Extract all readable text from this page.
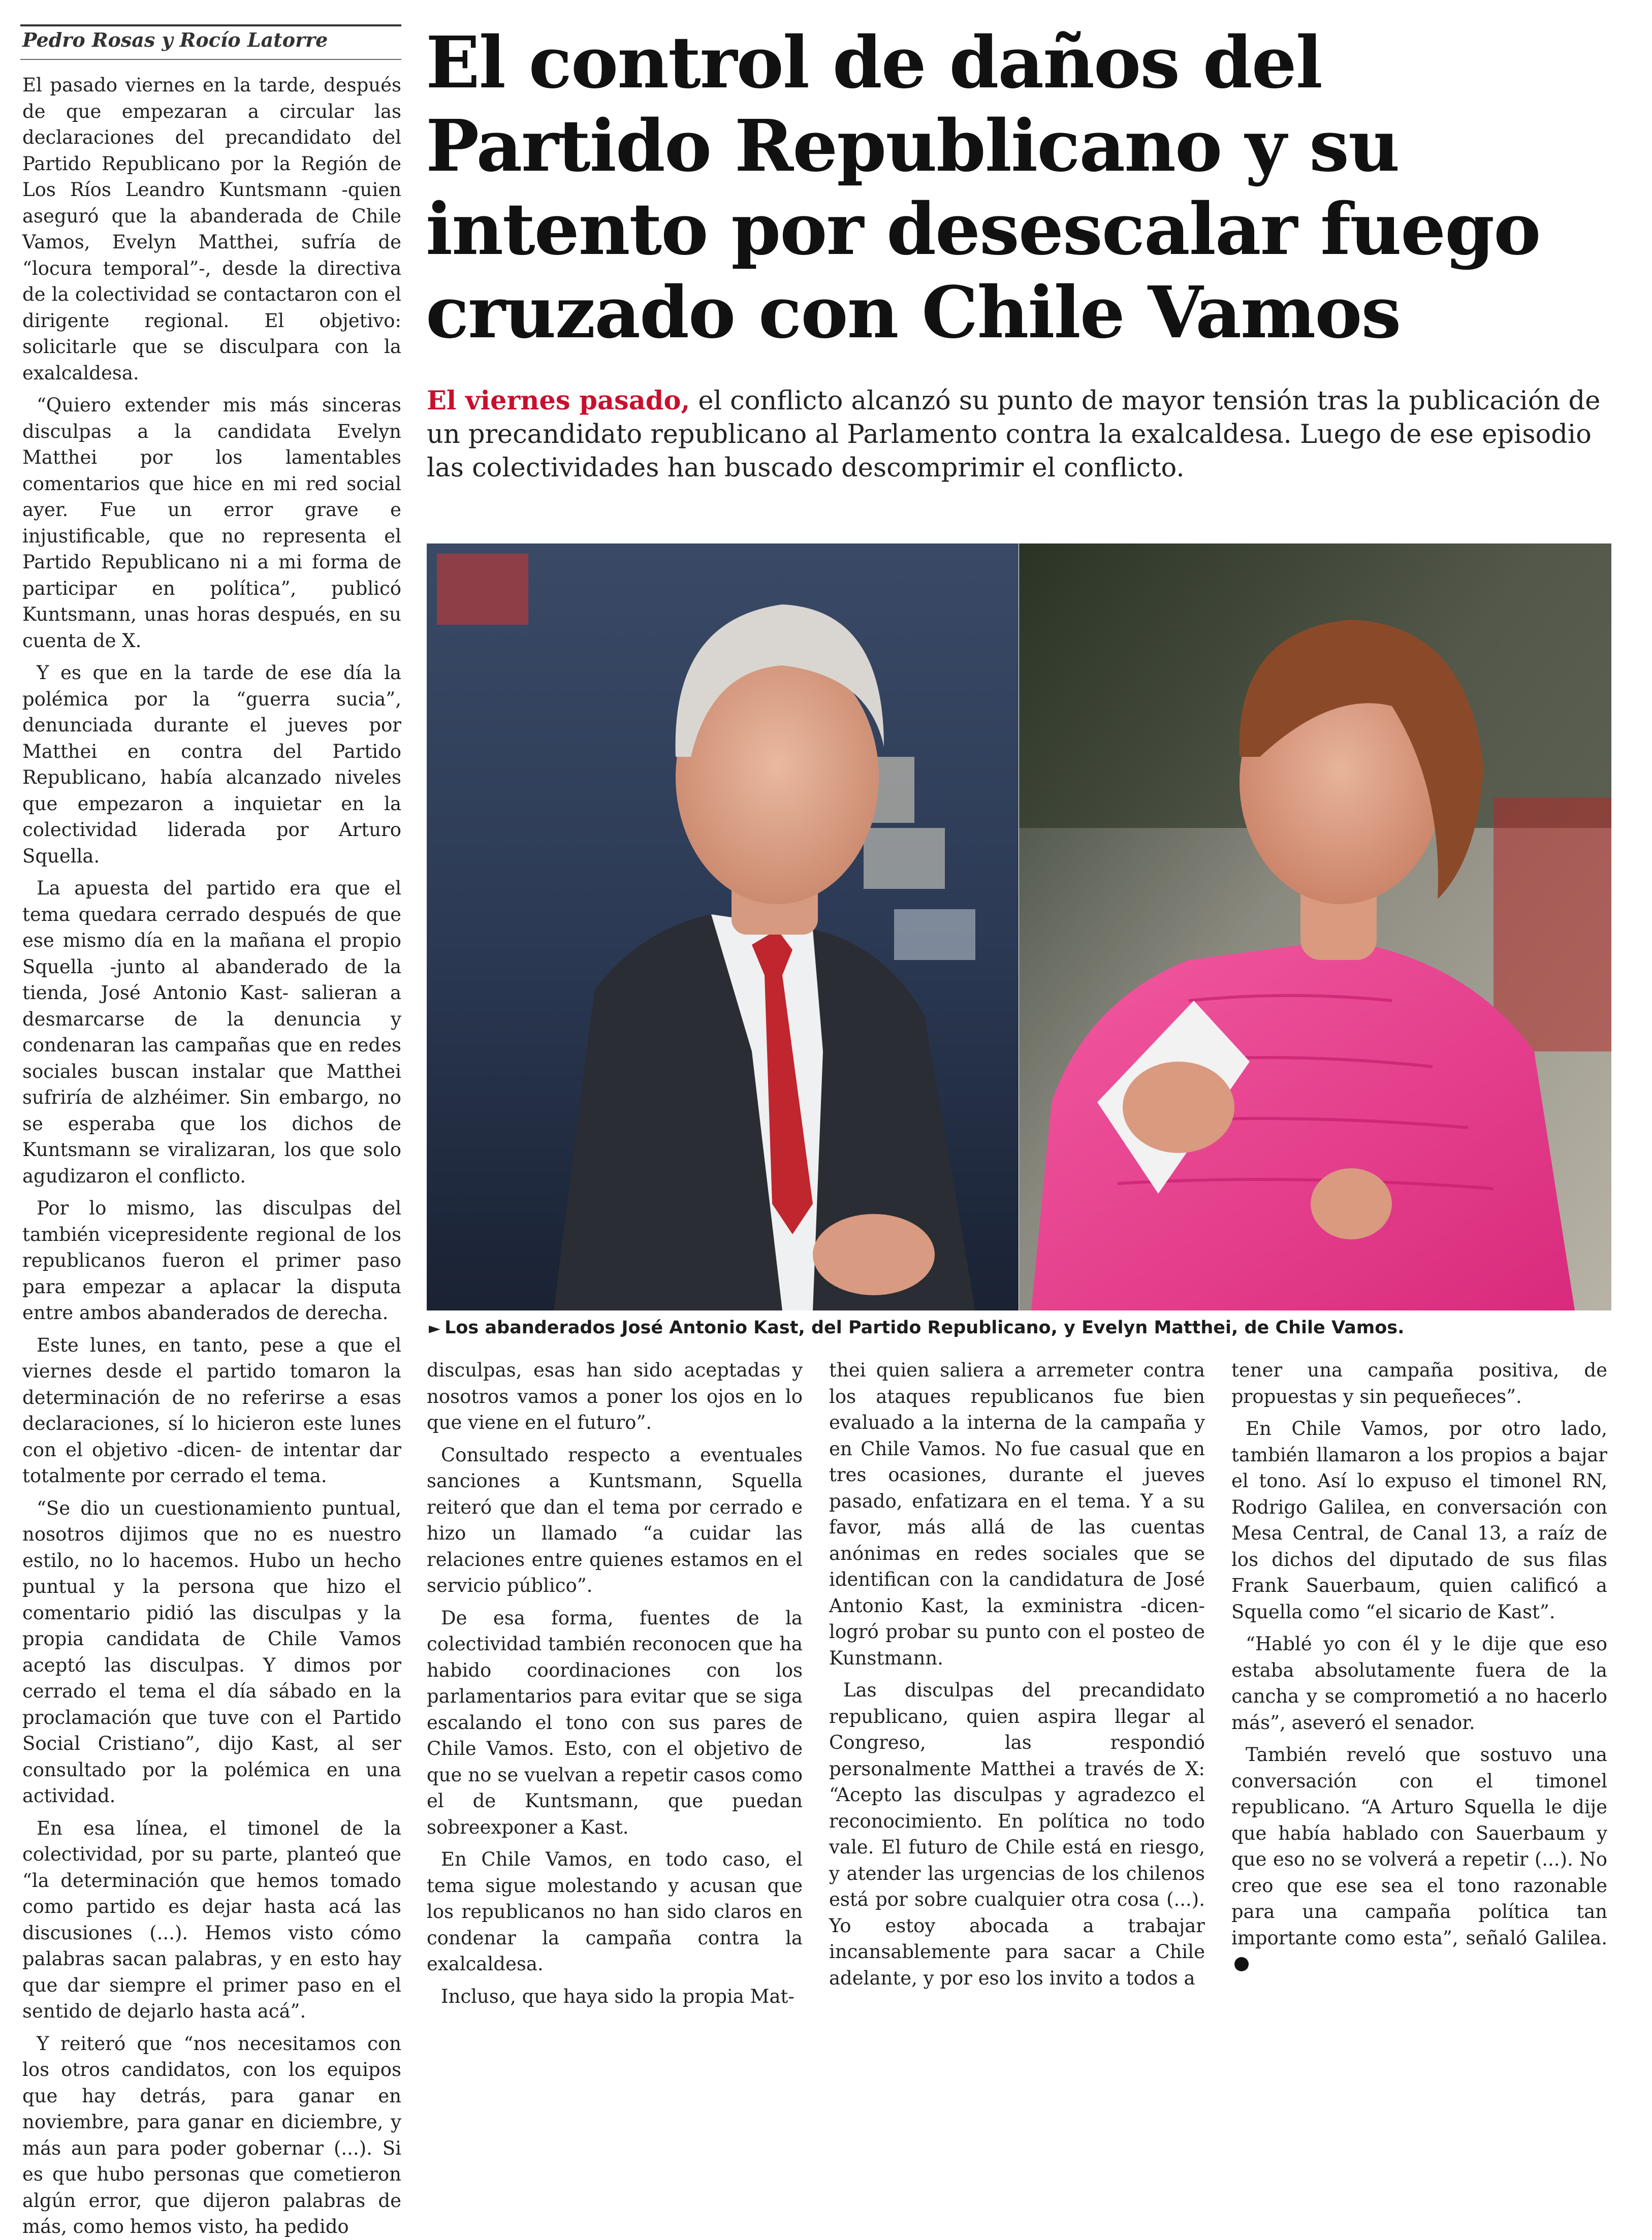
Pedro Rosas y Rocío Latorre

El pasado viernes en la tarde, después de que empezaran a circular las declaraciones del precandidato del Partido Republicano por la Región de Los Ríos Leandro Kuntsmann -quien aseguró que la abanderada de Chile Vamos, Evelyn Matthei, sufría de “locura temporal”-, desde la directiva de la colectividad se contactaron con el dirigente regional. El objetivo: solicitarle que se disculpara con la exalcaldesa.

“Quiero extender mis más sinceras disculpas a la candidata Evelyn Matthei por los lamentables comentarios que hice en mi red social ayer. Fue un error grave e injustificable, que no representa el Partido Republicano ni a mi forma de participar en política”, publicó Kuntsmann, unas horas después, en su cuenta de X.

Y es que en la tarde de ese día la polémica por la “guerra sucia”, denunciada durante el jueves por Matthei en contra del Partido Republicano, había alcanzado niveles que empezaron a inquietar en la colectividad liderada por Arturo Squella.

La apuesta del partido era que el tema quedara cerrado después de que ese mismo día en la mañana el propio Squella -junto al abanderado de la tienda, José Antonio Kast- salieran a desmarcarse de la denuncia y condenaran las campañas que en redes sociales buscan instalar que Matthei sufriría de alzhéimer. Sin embargo, no se esperaba que los dichos de Kuntsmann se viralizaran, los que solo agudizaron el conflicto.

Por lo mismo, las disculpas del también vicepresidente regional de los republicanos fueron el primer paso para empezar a aplacar la disputa entre ambos abanderados de derecha.

Este lunes, en tanto, pese a que el viernes desde el partido tomaron la determinación de no referirse a esas declaraciones, sí lo hicieron este lunes con el objetivo -dicen- de intentar dar totalmente por cerrado el tema.

“Se dio un cuestionamiento puntual, nosotros dijimos que no es nuestro estilo, no lo hacemos. Hubo un hecho puntual y la persona que hizo el comentario pidió las disculpas y la propia candidata de Chile Vamos aceptó las disculpas. Y dimos por cerrado el tema el día sábado en la proclamación que tuve con el Partido Social Cristiano”, dijo Kast, al ser consultado por la polémica en una actividad.

En esa línea, el timonel de la colectividad, por su parte, planteó que “la determinación que hemos tomado como partido es dejar hasta acá las discusiones (...). Hemos visto cómo palabras sacan palabras, y en esto hay que dar siempre el primer paso en el sentido de dejarlo hasta acá”.

Y reiteró que “nos necesitamos con los otros candidatos, con los equipos que hay detrás, para ganar en noviembre, para ganar en diciembre, y más aun para poder gobernar (...). Si es que hubo personas que cometieron algún error, que dijeron palabras de más, como hemos visto, ha pedido

El control de daños del Partido Republicano y su intento por desescalar fuego cruzado con Chile Vamos
El viernes pasado, el conflicto alcanzó su punto de mayor tensión tras la publicación de un precandidato republicano al Parlamento contra la exalcaldesa. Luego de ese episodio las colectividades han buscado descomprimir el conflicto.
► Los abanderados José Antonio Kast, del Partido Republicano, y Evelyn Matthei, de Chile Vamos.

disculpas, esas han sido aceptadas y nosotros vamos a poner los ojos en lo que viene en el futuro”.

Consultado respecto a eventuales sanciones a Kuntsmann, Squella reiteró que dan el tema por cerrado e hizo un llamado “a cuidar las relaciones entre quienes estamos en el servicio público”.

De esa forma, fuentes de la colectividad también reconocen que ha habido coordinaciones con los parlamentarios para evitar que se siga escalando el tono con sus pares de Chile Vamos. Esto, con el objetivo de que no se vuelvan a repetir casos como el de Kuntsmann, que puedan sobreexponer a Kast.

En Chile Vamos, en todo caso, el tema sigue molestando y acusan que los republicanos no han sido claros en condenar la campaña contra la exalcaldesa.

Incluso, que haya sido la propia Mat-

thei quien saliera a arremeter contra los ataques republicanos fue bien evaluado a la interna de la campaña y en Chile Vamos. No fue casual que en tres ocasiones, durante el jueves pasado, enfatizara en el tema. Y a su favor, más allá de las cuentas anónimas en redes sociales que se identifican con la candidatura de José Antonio Kast, la exministra -dicen- logró probar su punto con el posteo de Kunstmann.

Las disculpas del precandidato republicano, quien aspira llegar al Congreso, las respondió personalmente Matthei a través de X: “Acepto las disculpas y agradezco el reconocimiento. En política no todo vale. El futuro de Chile está en riesgo, y atender las urgencias de los chilenos está por sobre cualquier otra cosa (...). Yo estoy abocada a trabajar incansablemente para sacar a Chile adelante, y por eso los invito a todos a

tener una campaña positiva, de propuestas y sin pequeñeces”.

En Chile Vamos, por otro lado, también llamaron a los propios a bajar el tono. Así lo expuso el timonel RN, Rodrigo Galilea, en conversación con Mesa Central, de Canal 13, a raíz de los dichos del diputado de sus filas Frank Sauerbaum, quien calificó a Squella como “el sicario de Kast”.

“Hablé yo con él y le dije que eso estaba absolutamente fuera de la cancha y se comprometió a no hacerlo más”, aseveró el senador.

También reveló que sostuvo una conversación con el timonel republicano. “A Arturo Squella le dije que había hablado con Sauerbaum y que eso no se volverá a repetir (...). No creo que ese sea el tono razonable para una campaña política tan importante como esta”, señaló Galilea.
